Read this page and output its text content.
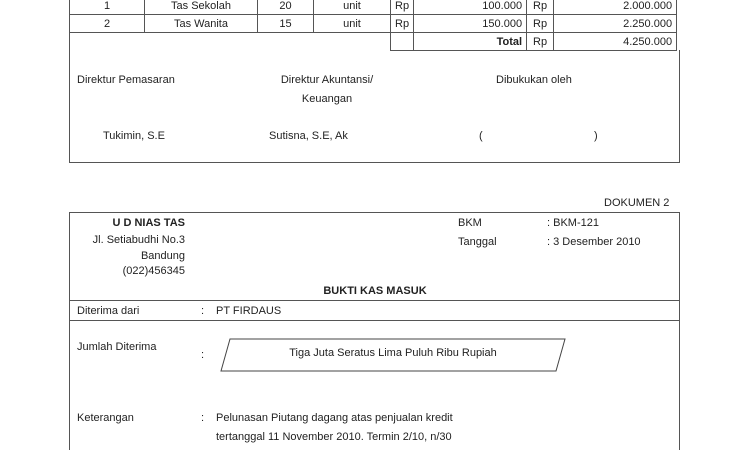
1	Tas Sekolah	20	unit	Rp	100.000	Rp	2.000.000
2	Tas Wanita	15	unit	Rp	150.000	Rp	2.250.000
					Total	Rp	4.250.000
Direktur Pemasaran	Direktur Akuntansi/
Keuangan
Dibukukan oleh
Tukimin, S.E	Sutisna, S.E, Ak	(	)
DOKUMEN 2
U D NIAS TAS
Jl. Setiabudhi No.3
Bandung
(022)456345
BKM	: BKM-121
Tanggal	: 3 Desember 2010
BUKTI KAS MASUK
Diterima dari	: PT FIRDAUS
Jumlah Diterima
:	Tiga Juta Seratus Lima Puluh Ribu Rupiah
Keterangan	: Pelunasan Piutang dagang atas penjualan kredit
tertanggal 11 November 2010. Termin 2/10, n/30
